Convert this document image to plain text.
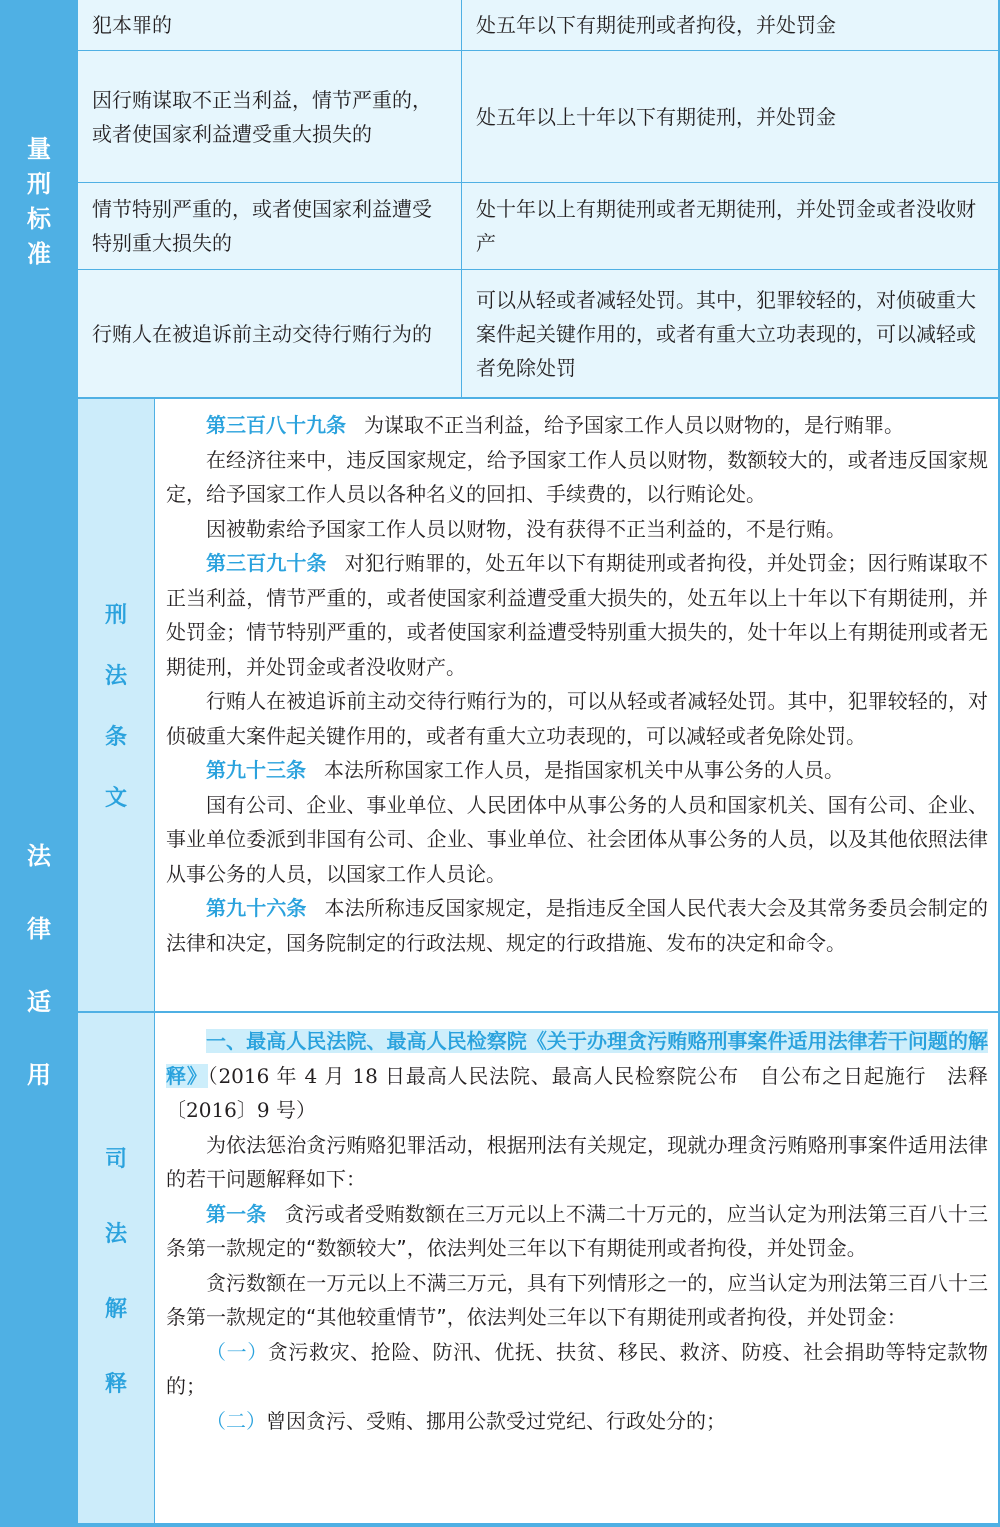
量
刑
标
准
犯本罪的	处五年以下有期徒刑或者拘役，并处罚金
因行贿谋取不正当利益，情节严重的，或者使国家利益遭受重大损失的
处五年以上十年以下有期徒刑，并处罚金
情节特别严重的，或者使国家利益遭受特别重大损失的
处十年以上有期徒刑或者无期徒刑，并处罚金或者没收财产
行贿人在被追诉前主动交待行贿行为的
可以从轻或者减轻处罚。其中，犯罪较轻的，对侦破重大案件起关键作用的，或者有重大立功表现的，可以减轻或者免除处罚
法
律
适
用
刑
法
条
文

第三百八十九条 为谋取不正当利益，给予国家工作人员以财物的，是行贿罪。

在经济往来中，违反国家规定，给予国家工作人员以财物，数额较大的，或者违反国家规定，给予国家工作人员以各种名义的回扣、手续费的，以行贿论处。

因被勒索给予国家工作人员以财物，没有获得不正当利益的，不是行贿。

第三百九十条 对犯行贿罪的，处五年以下有期徒刑或者拘役，并处罚金；因行贿谋取不正当利益，情节严重的，或者使国家利益遭受重大损失的，处五年以上十年以下有期徒刑，并处罚金；情节特别严重的，或者使国家利益遭受特别重大损失的，处十年以上有期徒刑或者无期徒刑，并处罚金或者没收财产。

行贿人在被追诉前主动交待行贿行为的，可以从轻或者减轻处罚。其中，犯罪较轻的，对侦破重大案件起关键作用的，或者有重大立功表现的，可以减轻或者免除处罚。

第九十三条 本法所称国家工作人员，是指国家机关中从事公务的人员。

国有公司、企业、事业单位、人民团体中从事公务的人员和国家机关、国有公司、企业、事业单位委派到非国有公司、企业、事业单位、社会团体从事公务的人员，以及其他依照法律从事公务的人员，以国家工作人员论。

第九十六条 本法所称违反国家规定，是指违反全国人民代表大会及其常务委员会制定的法律和决定，国务院制定的行政法规、规定的行政措施、发布的决定和命令。

司
法
解
释

一、最高人民法院、最高人民检察院《关于办理贪污贿赂刑事案件适用法律若干问题的解释》（2016 年 4 月 18 日最高人民法院、最高人民检察院公布　自公布之日起施行　法释〔2016〕9 号）

为依法惩治贪污贿赂犯罪活动，根据刑法有关规定，现就办理贪污贿赂刑事案件适用法律的若干问题解释如下：

第一条 贪污或者受贿数额在三万元以上不满二十万元的，应当认定为刑法第三百八十三条第一款规定的“数额较大”，依法判处三年以下有期徒刑或者拘役，并处罚金。

贪污数额在一万元以上不满三万元，具有下列情形之一的，应当认定为刑法第三百八十三条第一款规定的“其他较重情节”，依法判处三年以下有期徒刑或者拘役，并处罚金：

（一）贪污救灾、抢险、防汛、优抚、扶贫、移民、救济、防疫、社会捐助等特定款物的；

（二）曾因贪污、受贿、挪用公款受过党纪、行政处分的；
